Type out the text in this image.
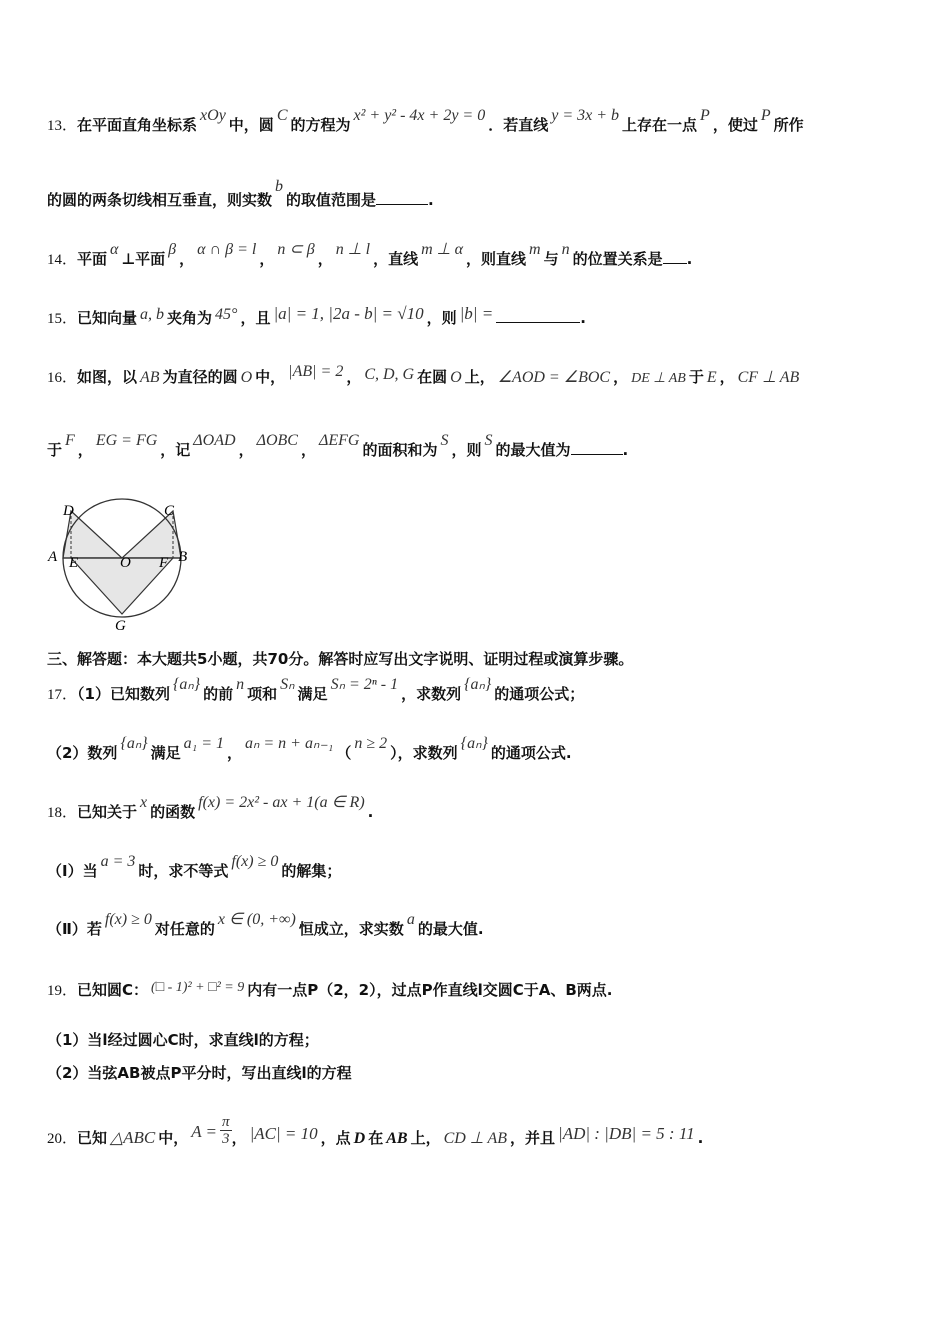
13．在平面直角坐标系xOy中，圆C的方程为x² + y² - 4x + 2y = 0．若直线y = 3x + b上存在一点P，使过P所作
的圆的两条切线相互垂直，则实数b的取值范围是	.
14．平面α⊥平面β，α ∩ β = l，n ⊂ β，n ⊥ l，直线m ⊥ α，则直线m与n的位置关系是 .
15．已知向量 a, b 夹角为 45° ，且 |a| = 1, |2a - b| = √10 ，则 |b| =	.
16．如图，以 AB 为直径的圆 O 中， |AB| = 2 ， C, D, G 在圆 O 上， ∠AOD = ∠BOC ， DE ⊥ AB 于 E ， CF ⊥ AB
于F，EG = FG，记ΔOAD，ΔOBC，ΔEFG的面积和为S，则S的最大值为	.
D	C
A E	O F B
G
三、解答题：本大题共5小题，共70分。解答时应写出文字说明、证明过程或演算步骤。
17．（1）已知数列{aₙ}的前n项和Sₙ满足Sₙ = 2ⁿ - 1，求数列{aₙ}的通项公式；
（2）数列{aₙ}满足a₁ = 1，aₙ = n + aₙ₋₁（n ≥ 2），求数列{aₙ}的通项公式.
18．已知关于x的函数f(x) = 2x² - ax + 1(a ∈ R).
（Ⅰ）当a = 3时，求不等式f(x) ≥ 0的解集；
（Ⅱ）若f(x) ≥ 0对任意的x ∈ (0, +∞)恒成立，求实数a的最大值.
19．已知圆C： (□ - 1)² + □² = 9 内有一点P（2，2），过点P作直线l交圆C于A、B两点.
（1）当l经过圆心C时，求直线l的方程；
（2）当弦AB被点P平分时，写出直线l的方程
20．已知 △ABC 中， $A = \frac{\pi}{3}$ ， |AC| = 10 ，点 D 在 AB 上， CD ⊥ AB ，并且 |AD| : |DB| = 5 : 11 .
